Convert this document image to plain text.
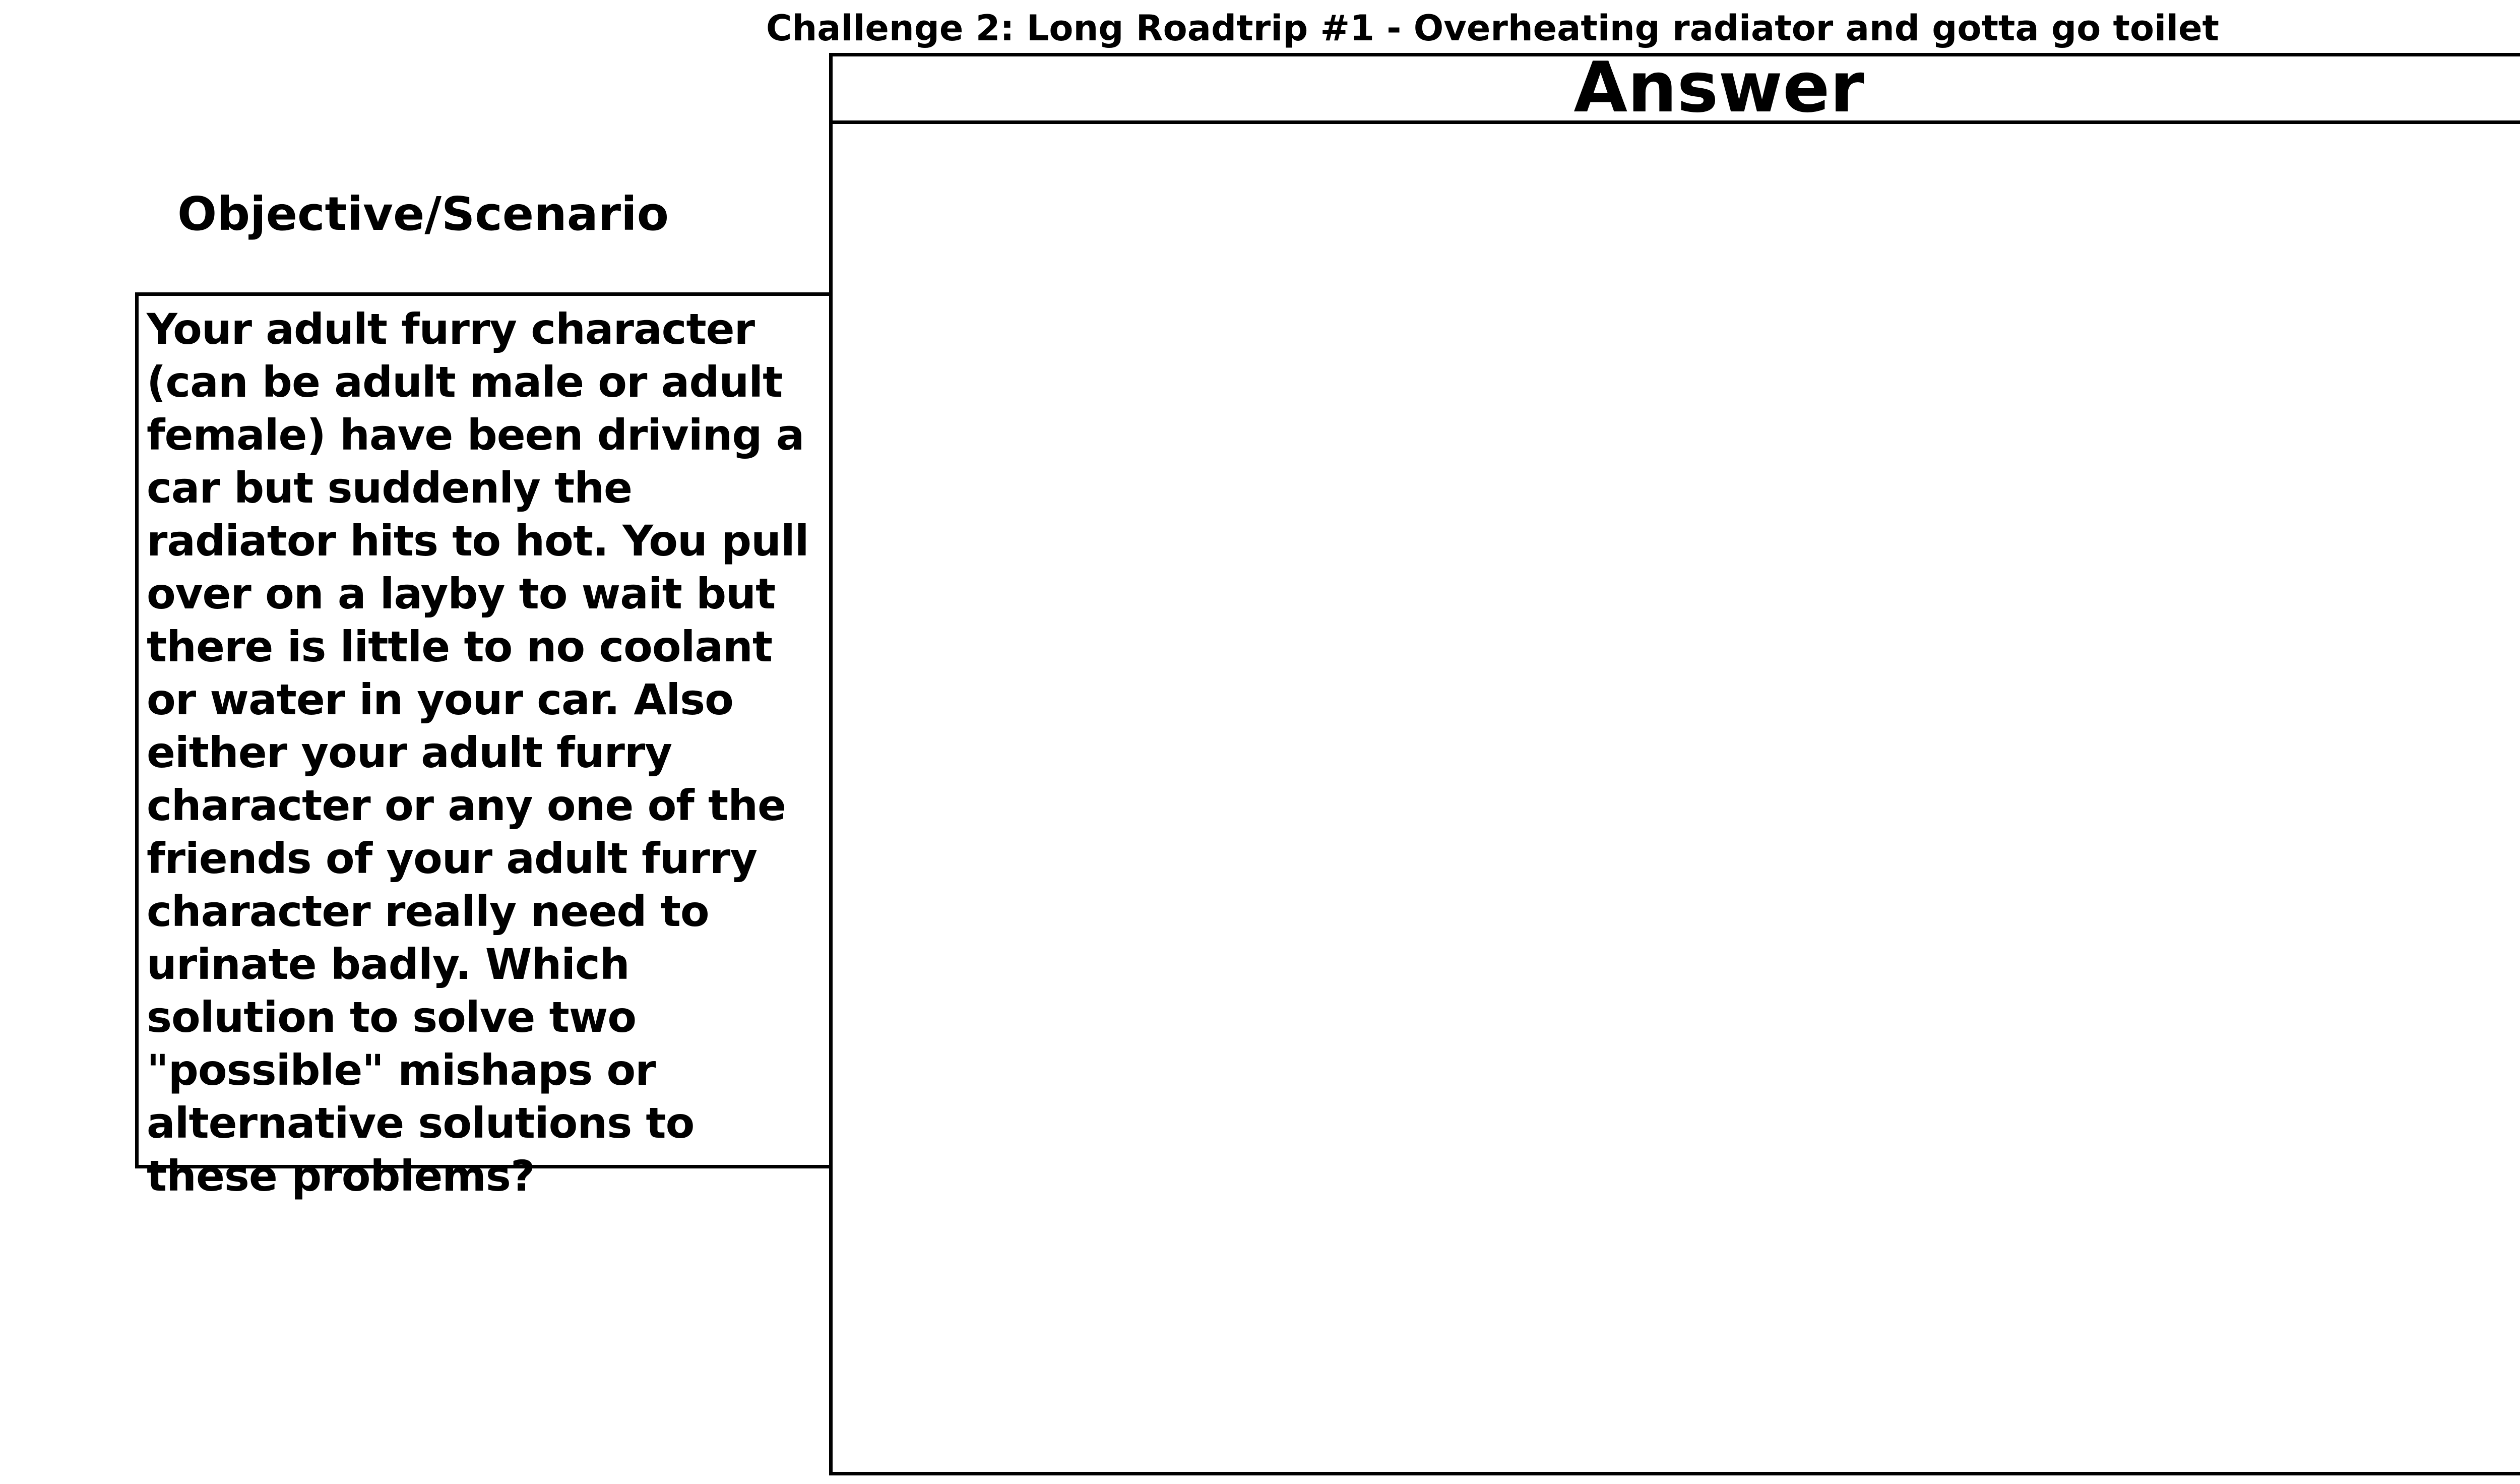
Challenge 2: Long Roadtrip #1 - Overheating radiator and gotta go toilet
Objective/Scenario

Your adult furry character (can be adult male or adult female) have been driving a car but suddenly the radiator hits to hot. You pull over on a layby to wait but there is little to no coolant or water in your car. Also either your adult furry character or any one of the friends of your adult furry character really need to urinate badly. Which solution to solve two "possible" mishaps or alternative solutions to these problems?

Answer
